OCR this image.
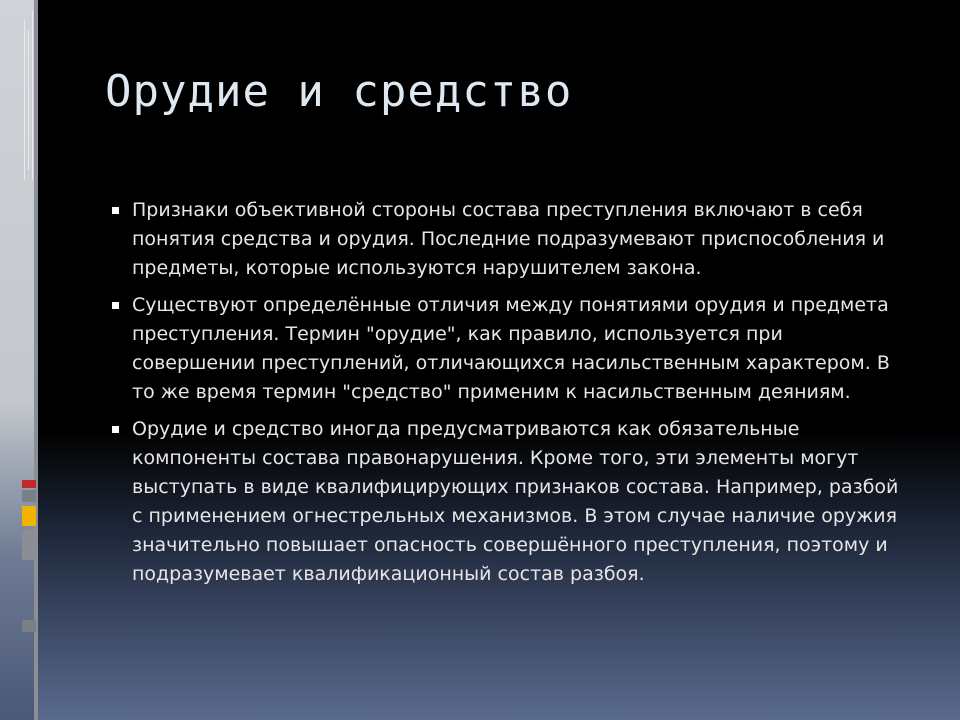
Орудие и средство
Признаки объективной стороны состава преступления включают в себя понятия средства и орудия. Последние подразумевают приспособления и предметы, которые используются нарушителем закона.
Существуют определённые отличия между понятиями орудия и предмета преступления. Термин "орудие", как правило, используется при совершении преступлений, отличающихся насильственным характером. В то же время термин "средство" применим к насильственным деяниям.
Орудие и средство иногда предусматриваются как обязательные компоненты состава правонарушения. Кроме того, эти элементы могут выступать в виде квалифицирующих признаков состава. Например, разбой с применением огнестрельных механизмов. В этом случае наличие оружия значительно повышает опасность совершённого преступления, поэтому и подразумевает квалификационный состав разбоя.
